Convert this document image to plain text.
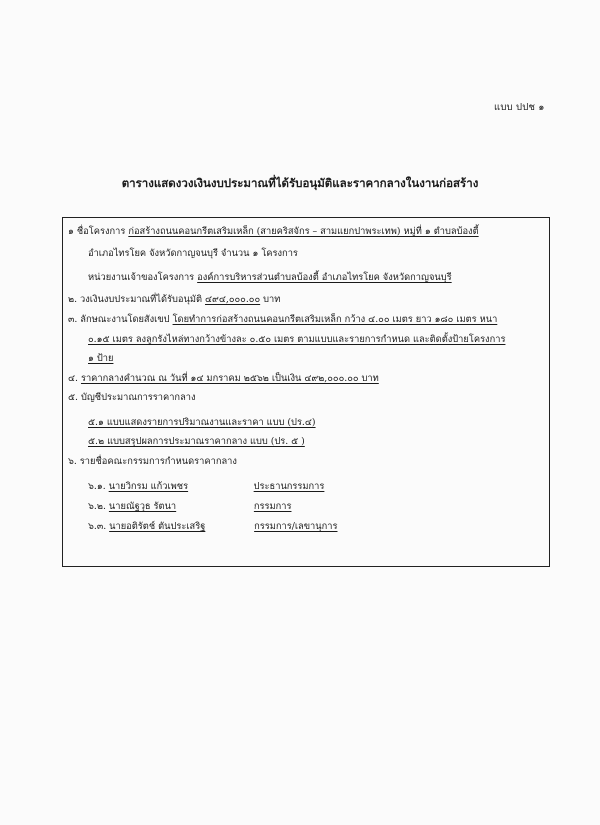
แบบ ปปช ๑
ตารางแสดงวงเงินงบประมาณที่ได้รับอนุมัติและราคากลางในงานก่อสร้าง
๑ ชื่อโครงการ ก่อสร้างถนนคอนกรีตเสริมเหล็ก (สายคริสจักร – สามแยกปาพระเทพ) หมู่ที่ ๑ ตำบลบ้องตี้
อำเภอไทรโยค จังหวัดกาญจนบุรี จำนวน ๑ โครงการ
หน่วยงานเจ้าของโครงการ องค์การบริหารส่วนตำบลบ้องตี้ อำเภอไทรโยค จังหวัดกาญจนบุรี
๒. วงเงินงบประมาณที่ได้รับอนุมัติ ๔๙๔,๐๐๐.๐๐ บาท
๓. ลักษณะงานโดยสังเขป โดยทำการก่อสร้างถนนคอนกรีตเสริมเหล็ก กว้าง ๔.๐๐ เมตร ยาว ๑๘๐ เมตร หนา
๐.๑๕ เมตร ลงลูกรังไหล่ทางกว้างข้างละ ๐.๕๐ เมตร ตามแบบและรายการกำหนด และติดตั้งป้ายโครงการ
๑ ป้าย
๔. ราคากลางคำนวณ ณ วันที่ ๑๔ มกราคม ๒๕๖๒ เป็นเงิน ๔๙๒,๐๐๐.๐๐ บาท
๕. บัญชีประมาณการราคากลาง
๕.๑ แบบแสดงรายการปริมาณงานและราคา แบบ (ปร.๔)
๕.๒ แบบสรุปผลการประมาณราคากลาง แบบ (ปร. ๕ )
๖. รายชื่อคณะกรรมการกำหนดราคากลาง
๖.๑. นายวิกรม แก้วเพชร	ประธานกรรมการ
๖.๒. นายณัฐวุธ รัตนา	กรรมการ
๖.๓. นายอติรัตช์ ตันประเสริฐ	กรรมการ/เลขานุการ
